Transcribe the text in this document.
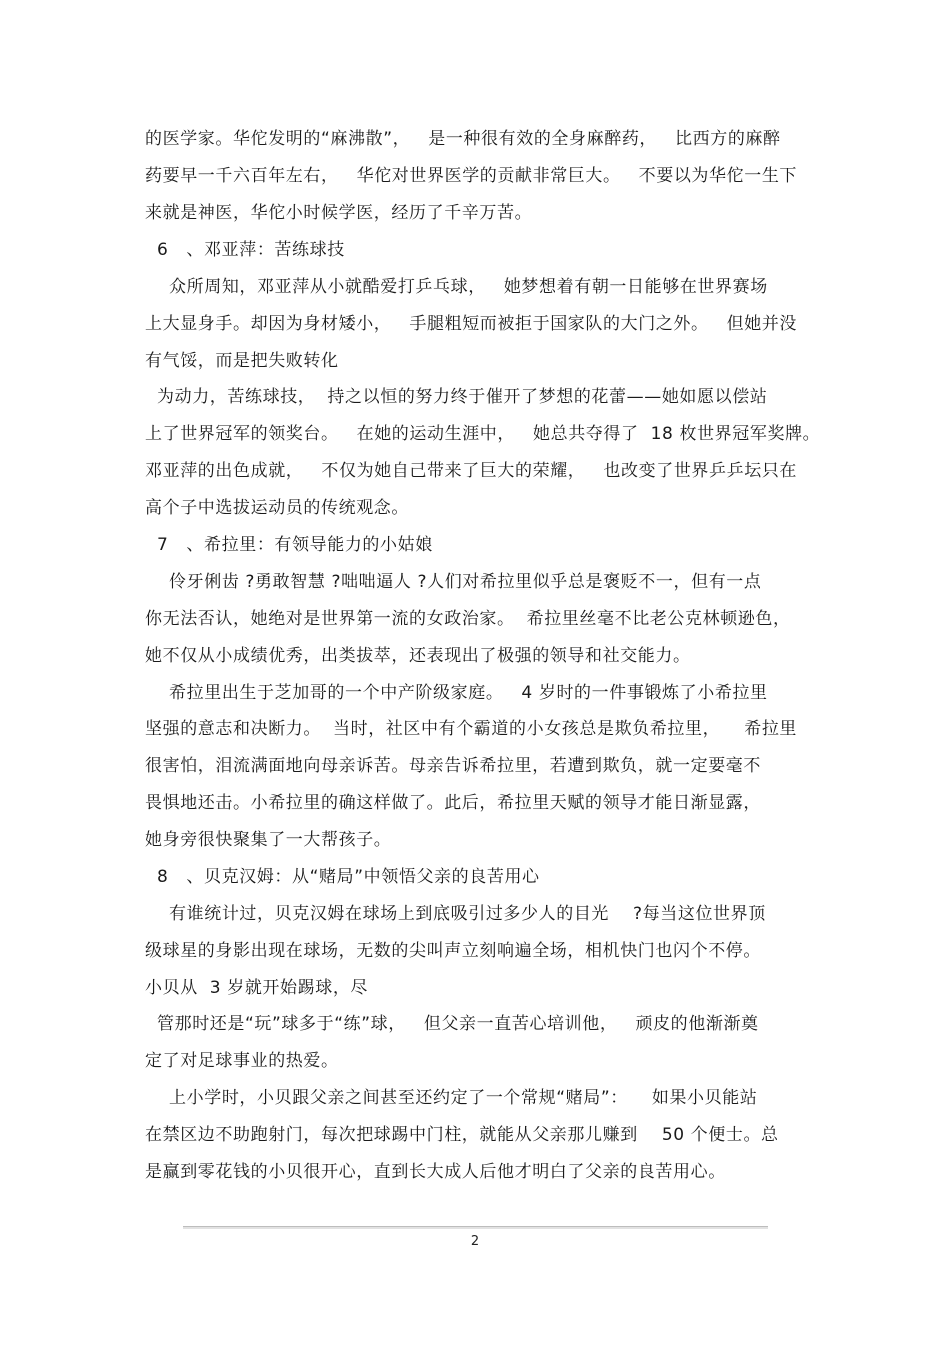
的医学家。华佗发明的“麻沸散”，   是一种很有效的全身麻醉药，   比西方的麻醉
药要早一千六百年左右，   华佗对世界医学的贡献非常巨大。   不要以为华佗一生下
来就是神医，华佗小时候学医，经历了千辛万苦。
6   、邓亚萍：苦练球技
众所周知，邓亚萍从小就酷爱打乒乓球，   她梦想着有朝一日能够在世界赛场
上大显身手。却因为身材矮小，   手腿粗短而被拒于国家队的大门之外。   但她并没
有气馁，而是把失败转化
为动力，苦练球技，  持之以恒的努力终于催开了梦想的花蕾——她如愿以偿站
上了世界冠军的领奖台。   在她的运动生涯中，   她总共夺得了  18 枚世界冠军奖牌。
邓亚萍的出色成就，   不仅为她自己带来了巨大的荣耀，   也改变了世界乒乒坛只在
高个子中选拔运动员的传统观念。
7   、希拉里：有领导能力的小姑娘
伶牙俐齿 ?勇敢智慧 ?咄咄逼人 ?人们对希拉里似乎总是褒贬不一，但有一点
你无法否认，她绝对是世界第一流的女政治家。  希拉里丝毫不比老公克林顿逊色，
她不仅从小成绩优秀，出类拔萃，还表现出了极强的领导和社交能力。
希拉里出生于芝加哥的一个中产阶级家庭。   4 岁时的一件事锻炼了小希拉里
坚强的意志和决断力。  当时，社区中有个霸道的小女孩总是欺负希拉里，    希拉里
很害怕，泪流满面地向母亲诉苦。母亲告诉希拉里，若遭到欺负，就一定要毫不
畏惧地还击。小希拉里的确这样做了。此后，希拉里天赋的领导才能日渐显露，
她身旁很快聚集了一大帮孩子。
8   、贝克汉姆：从“赌局”中领悟父亲的良苦用心
有谁统计过，贝克汉姆在球场上到底吸引过多少人的目光    ?每当这位世界顶
级球星的身影出现在球场，无数的尖叫声立刻响遍全场，相机快门也闪个不停。
小贝从  3 岁就开始踢球，尽
管那时还是“玩”球多于“练”球，   但父亲一直苦心培训他，   顽皮的他渐渐奠
定了对足球事业的热爱。
上小学时，小贝跟父亲之间甚至还约定了一个常规“赌局”：    如果小贝能站
在禁区边不助跑射门，每次把球踢中门柱，就能从父亲那儿赚到    50 个便士。总
是赢到零花钱的小贝很开心，直到长大成人后他才明白了父亲的良苦用心。
2
